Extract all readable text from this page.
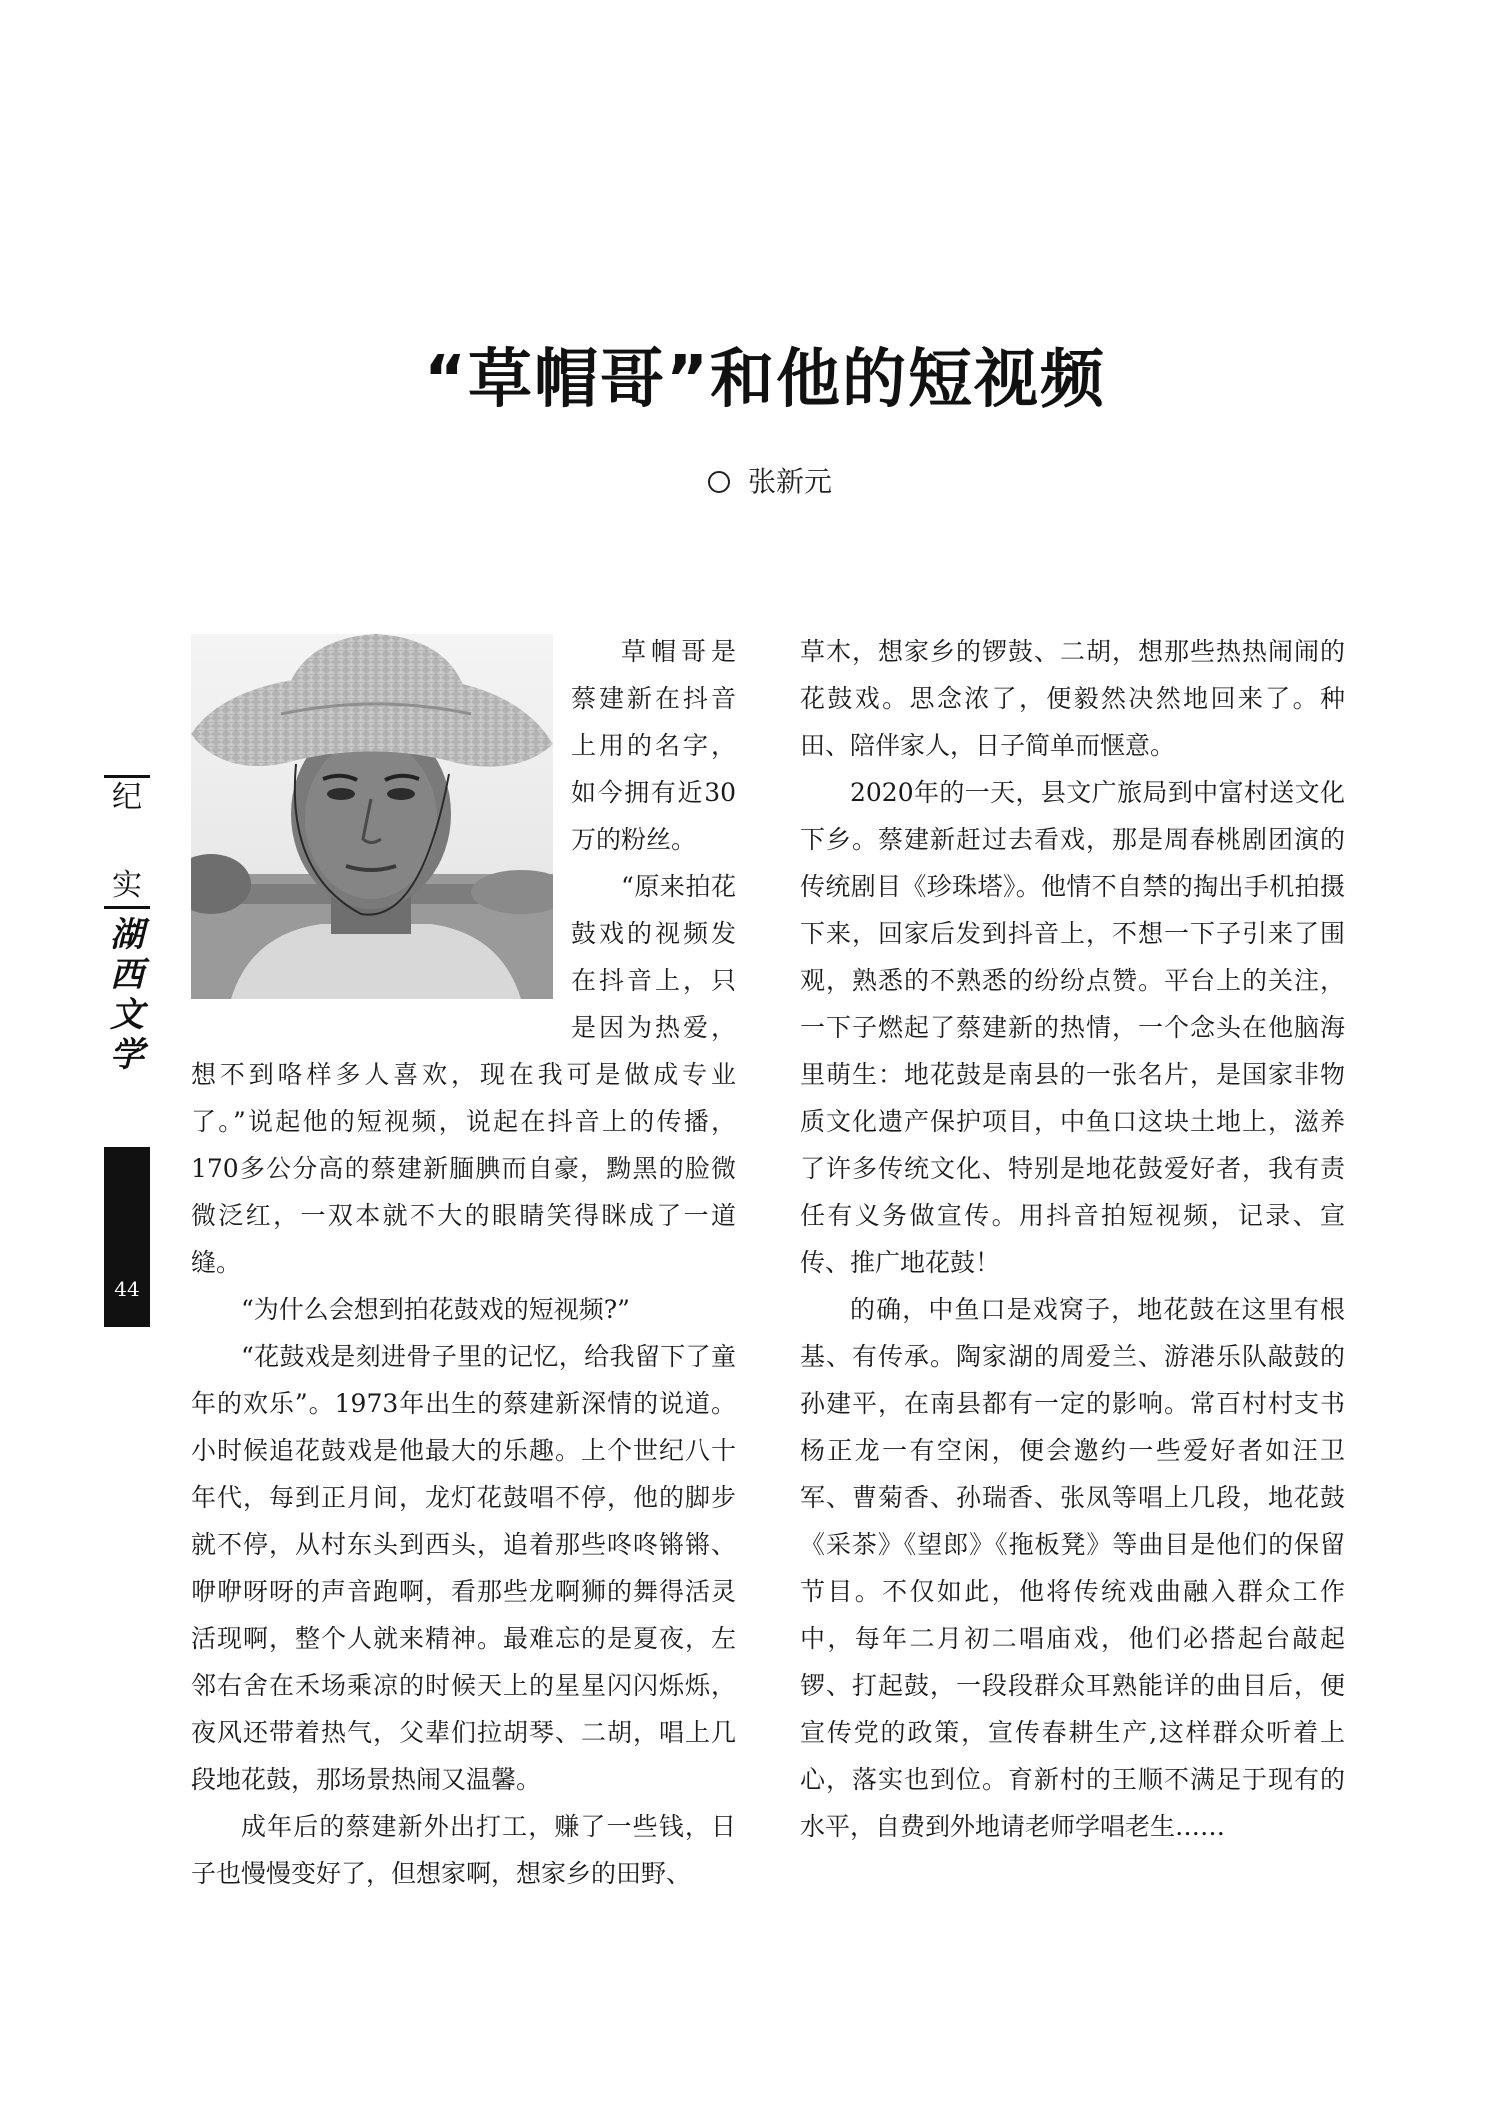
“草帽哥”和他的短视频
张新元
纪
实
湖
西
文
学
44

草帽哥是蔡建新在抖音上用的名字，如今拥有近30万的粉丝。

“原来拍花鼓戏的视频发在抖音上，只是因为热爱，想不到咯样多人喜欢，现在我可是做成专业了。”说起他的短视频，说起在抖音上的传播，170多公分高的蔡建新腼腆而自豪，黝黑的脸微微泛红，一双本就不大的眼睛笑得眯成了一道缝。

“为什么会想到拍花鼓戏的短视频?”

“花鼓戏是刻进骨子里的记忆，给我留下了童年的欢乐”。1973年出生的蔡建新深情的说道。小时候追花鼓戏是他最大的乐趣。上个世纪八十年代，每到正月间，龙灯花鼓唱不停，他的脚步就不停，从村东头到西头，追着那些咚咚锵锵、咿咿呀呀的声音跑啊，看那些龙啊狮的舞得活灵活现啊，整个人就来精神。最难忘的是夏夜，左邻右舍在禾场乘凉的时候天上的星星闪闪烁烁，夜风还带着热气，父辈们拉胡琴、二胡，唱上几段地花鼓，那场景热闹又温馨。

成年后的蔡建新外出打工，赚了一些钱，日子也慢慢变好了，但想家啊，想家乡的田野、

草木，想家乡的锣鼓、二胡，想那些热热闹闹的花鼓戏。思念浓了，便毅然决然地回来了。种田、陪伴家人，日子简单而惬意。

2020年的一天，县文广旅局到中富村送文化下乡。蔡建新赶过去看戏，那是周春桃剧团演的传统剧目《珍珠塔》。他情不自禁的掏出手机拍摄下来，回家后发到抖音上，不想一下子引来了围观，熟悉的不熟悉的纷纷点赞。平台上的关注，一下子燃起了蔡建新的热情，一个念头在他脑海里萌生：地花鼓是南县的一张名片，是国家非物质文化遗产保护项目，中鱼口这块土地上，滋养了许多传统文化、特别是地花鼓爱好者，我有责任有义务做宣传。用抖音拍短视频，记录、宣传、推广地花鼓！

的确，中鱼口是戏窝子，地花鼓在这里有根基、有传承。陶家湖的周爱兰、游港乐队敲鼓的孙建平，在南县都有一定的影响。常百村村支书杨正龙一有空闲，便会邀约一些爱好者如汪卫军、曹菊香、孙瑞香、张凤等唱上几段，地花鼓《采茶》《望郎》《拖板凳》等曲目是他们的保留节目。不仅如此，他将传统戏曲融入群众工作中，每年二月初二唱庙戏，他们必搭起台敲起锣、打起鼓，一段段群众耳熟能详的曲目后，便宣传党的政策，宣传春耕生产,这样群众听着上心，落实也到位。育新村的王顺不满足于现有的水平，自费到外地请老师学唱老生……
